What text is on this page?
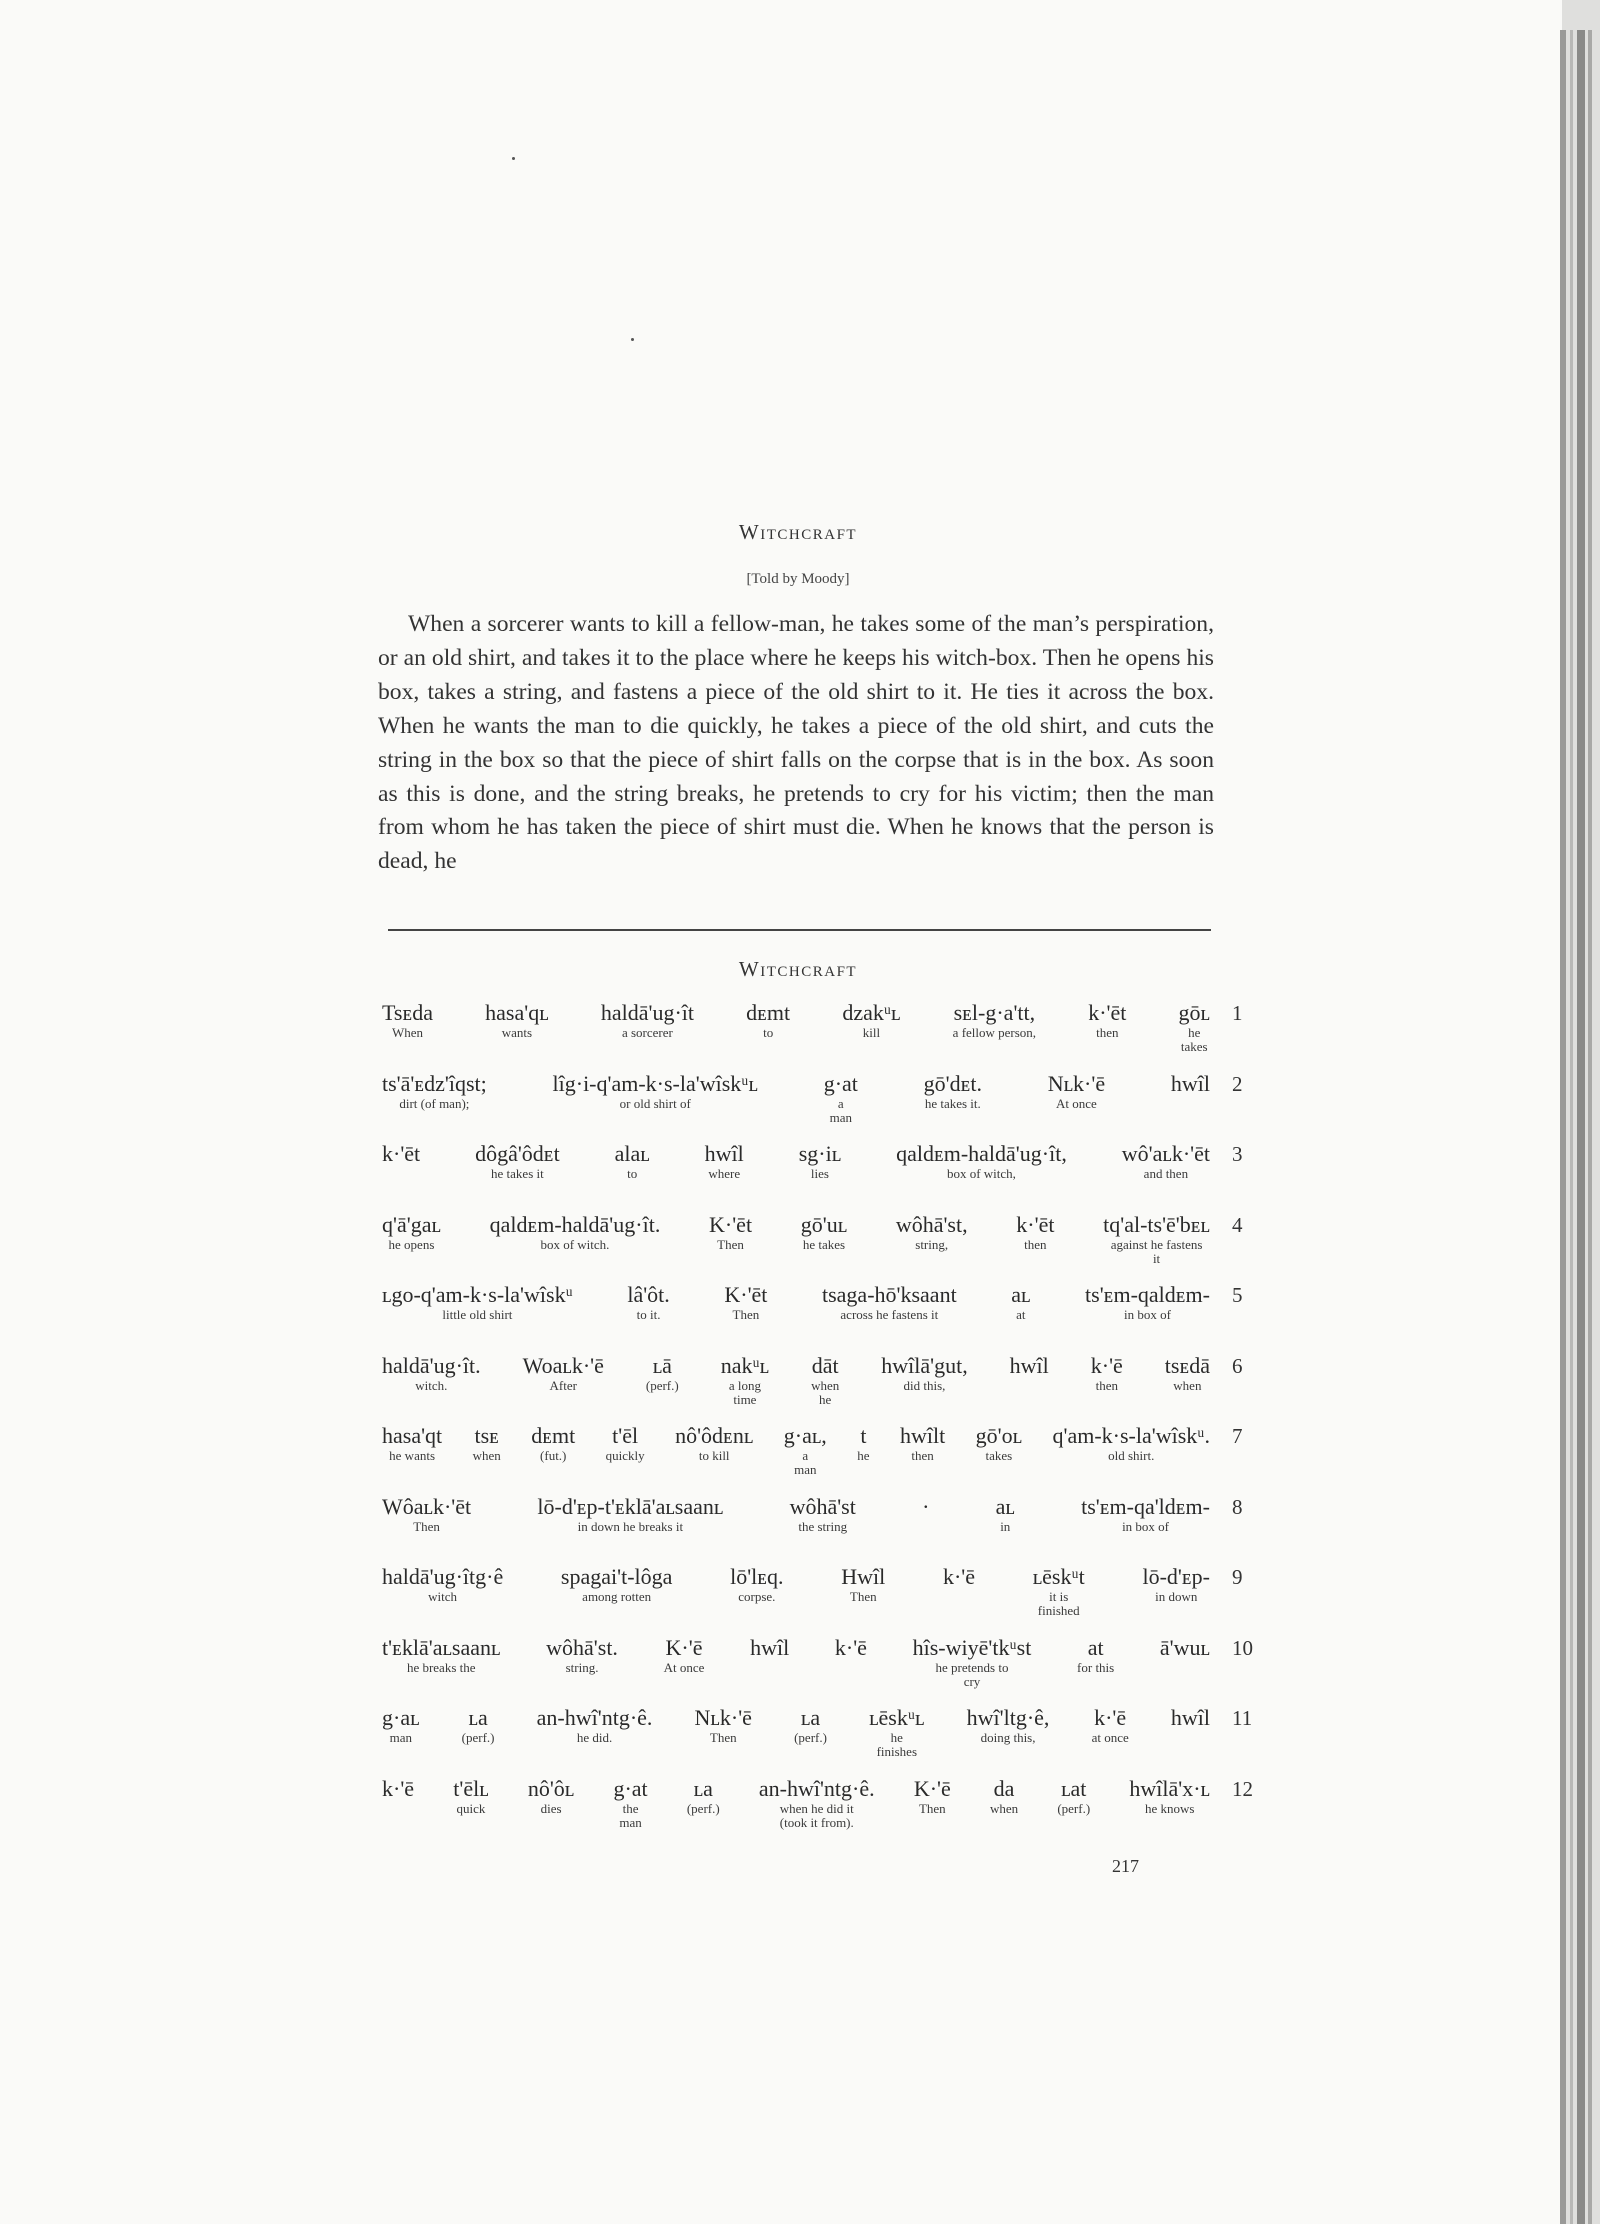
Witchcraft
[Told by Moody]

When a sorcerer wants to kill a fellow-man, he takes some of the man’s perspiration, or an old shirt, and takes it to the place where he keeps his witch-box. Then he opens his box, takes a string, and fastens a piece of the old shirt to it. He ties it across the box. When he wants the man to die quickly, he takes a piece of the old shirt, and cuts the string in the box so that the piece of shirt falls on the corpse that is in the box. As soon as this is done, and the string breaks, he pretends to cry for his victim; then the man from whom he has taken the piece of shirt must die. When he knows that the person is dead, he

Witchcraft
Tsᴇda
When
hasa'qʟ
wants
haldā'ug·ît
a sorcerer
dᴇmt
to
dzakᵘʟ
kill
sᴇl-g·a'tt,
a fellow person,
k·'ēt
then
gōʟ
he
takes
1
ts'ā'ᴇdz'îqst;
dirt (of man);
lîg·i-q'am-k·s-la'wîskᵘʟ
or old shirt of
g·at
a
man
gō'dᴇt.
he takes it.
Nʟk·'ē
At once
hwîl 2
k·'ēt dôgâ'ôdᴇt
he takes it
alaʟ
to
hwîl
where
sg·iʟ
lies
qaldᴇm-haldā'ug·ît,
box of witch,
wô'aʟk·'ēt
and then
3
q'ā'gaʟ
he opens
qaldᴇm-haldā'ug·ît.
box of witch.
K·'ēt
Then
gō'uʟ
he takes
wôhā'st,
string,
k·'ēt
then
tq'al-ts'ē'bᴇʟ
against he fastens
it
4
ʟgo-q'am-k·s-la'wîskᵘ
little old shirt
lâ'ôt.
to it.
K·'ēt
Then
tsaga-hō'ksaant
across he fastens it
aʟ
at
ts'ᴇm-qaldᴇm-
in box of
5
haldā'ug·ît.
witch.
Woaʟk·'ē
After
ʟā
(perf.)
nakᵘʟ
a long
time
dāt
when
he
hwîlā'gut,
did this,
hwîl k·'ē
then
tsᴇdā
when
6
hasa'qt
he wants
tsᴇ
when
dᴇmt
(fut.)
t'ēl
quickly
nô'ôdᴇnʟ
to kill
g·aʟ,
a
man
t
he
hwîlt
then
gō'oʟ
takes
q'am-k·s-la'wîskᵘ.
old shirt.
7
Wôaʟk·'ēt
Then
lō-d'ᴇp-t'ᴇklā'aʟsaanʟ
in down he breaks it
wôhā'st
the string
·	aʟ
in
ts'ᴇm-qa'ldᴇm-
in box of
8
haldā'ug·îtg·ê
witch
spagai't-lôga
among rotten
lō'lᴇq.
corpse.
Hwîl
Then
k·'ē	ʟēskᵘt
it is
finished
lō-d'ᴇp-
in down
9
t'ᴇklā'aʟsaanʟ
he breaks the
wôhā'st.
string.
K·'ē
At once
hwîl k·'ē hîs-wiyē'tkᵘst
he pretends to
cry
at
for this
ā'wuʟ 10
g·aʟ
man
ʟa
(perf.)
an-hwî'ntg·ê.
he did.
Nʟk·'ē
Then
ʟa
(perf.)
ʟēskᵘʟ
he
finishes
hwî'ltg·ê,
doing this,
k·'ē
at once
hwîl 11
k·'ē t'ēlʟ
quick
nô'ôʟ
dies
g·at
the
man
ʟa
(perf.)
an-hwî'ntg·ê.
when he did it
(took it from).
K·'ē
Then
da
when
ʟat
(perf.)
hwîlā'x·ʟ
he knows
12
217
